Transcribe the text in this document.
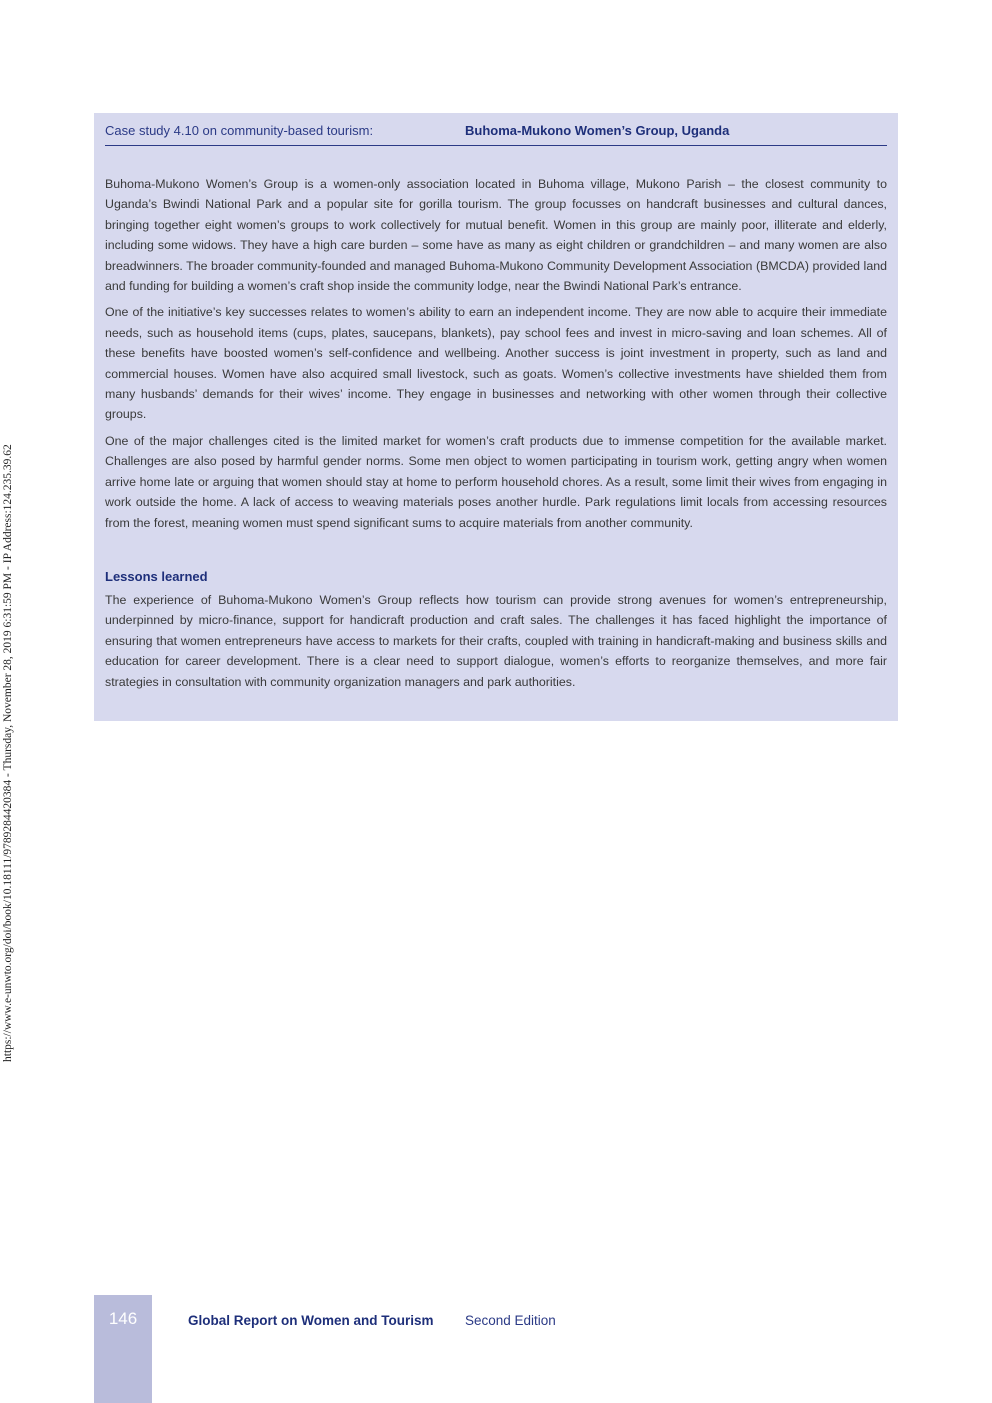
https://www.e-unwto.org/doi/book/10.18111/9789284420384 - Thursday, November 28, 2019 6:31:59 PM - IP Address:124.235.39.62
Case study 4.10 on community-based tourism:	Buhoma-Mukono Women’s Group, Uganda

Buhoma-Mukono Women’s Group is a women-only association located in Buhoma village, Mukono Parish – the closest community to Uganda’s Bwindi National Park and a popular site for gorilla tourism. The group focusses on handcraft businesses and cultural dances, bringing together eight women’s groups to work collectively for mutual benefit. Women in this group are mainly poor, illiterate and elderly, including some widows. They have a high care burden – some have as many as eight children or grandchildren – and many women are also breadwinners. The broader community-founded and managed Buhoma-Mukono Community Development Association (BMCDA) provided land and funding for building a women’s craft shop inside the community lodge, near the Bwindi National Park’s entrance.

One of the initiative’s key successes relates to women’s ability to earn an independent income. They are now able to acquire their immediate needs, such as household items (cups, plates, saucepans, blankets), pay school fees and invest in micro-saving and loan schemes. All of these benefits have boosted women’s self-confidence and wellbeing. Another success is joint investment in property, such as land and commercial houses. Women have also acquired small livestock, such as goats. Women’s collective investments have shielded them from many husbands’ demands for their wives’ income. They engage in businesses and networking with other women through their collective groups.

One of the major challenges cited is the limited market for women’s craft products due to immense competition for the available market. Challenges are also posed by harmful gender norms. Some men object to women participating in tourism work, getting angry when women arrive home late or arguing that women should stay at home to perform household chores. As a result, some limit their wives from engaging in work outside the home. A lack of access to weaving materials poses another hurdle. Park regulations limit locals from accessing resources from the forest, meaning women must spend significant sums to acquire materials from another community.

Lessons learned

The experience of Buhoma-Mukono Women’s Group reflects how tourism can provide strong avenues for women’s entrepreneurship, underpinned by micro-finance, support for handicraft production and craft sales. The challenges it has faced highlight the importance of ensuring that women entrepreneurs have access to markets for their crafts, coupled with training in handicraft-making and business skills and education for career development. There is a clear need to support dialogue, women’s efforts to reorganize themselves, and more fair strategies in consultation with community organization managers and park authorities.

146	Global Report on Women and Tourism Second Edition
